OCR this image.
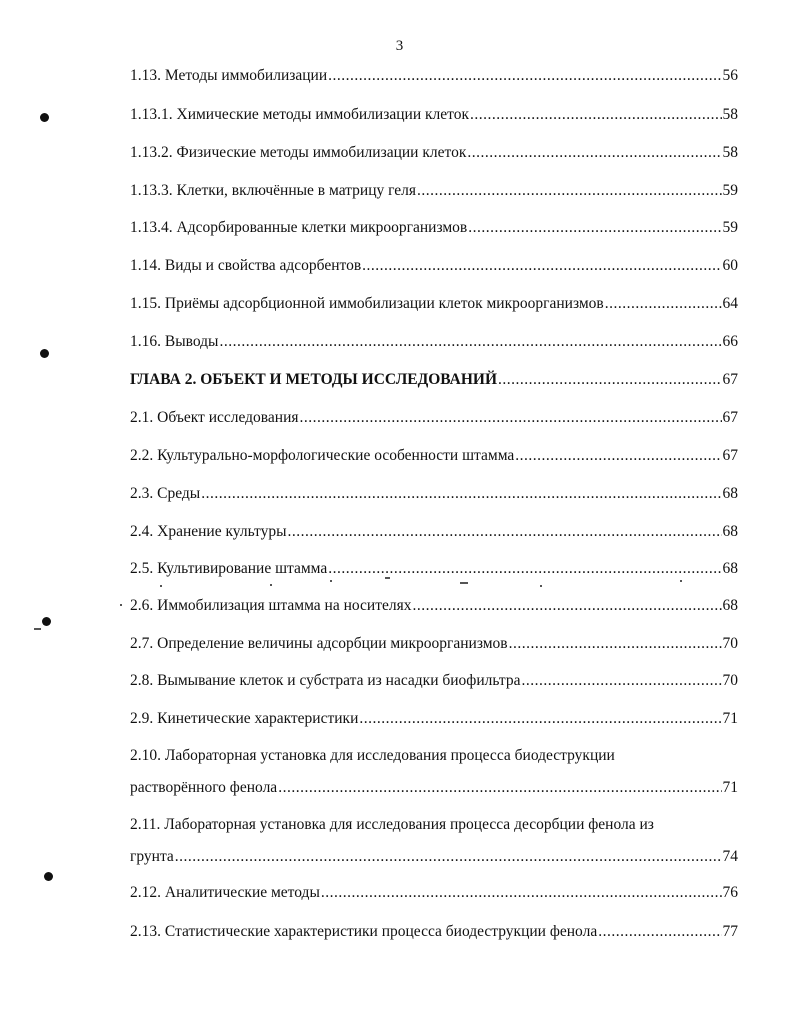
3
1.13. Методы иммобилизации .....	56
1.13.1. Химические методы иммобилизации клеток .....	58
1.13.2. Физические методы иммобилизации клеток .....	58
1.13.3. Клетки, включённые в матрицу геля .....	59
1.13.4. Адсорбированные клетки микроорганизмов .....	59
1.14. Виды и свойства адсорбентов .....	60
1.15. Приёмы адсорбционной иммобилизации клеток микроорганизмов .....	64
1.16. Выводы .....	66
ГЛАВА 2. ОБЪЕКТ И МЕТОДЫ ИССЛЕДОВАНИЙ .....	67
2.1. Объект исследования .....	67
2.2. Культурально-морфологические особенности штамма .....	67
2.3. Среды .....	68
2.4. Хранение культуры .....	68
2.5. Культивирование штамма .....	68
2.6. Иммобилизация штамма на носителях .....	68
2.7. Определение величины адсорбции микроорганизмов .....	70
2.8. Вымывание клеток и субстрата из насадки биофильтра .....	70
2.9. Кинетические характеристики .....	71
2.10. Лабораторная установка для исследования процесса биодеструкции
растворённого фенола .....	71
2.11. Лабораторная установка для исследования процесса десорбции фенола из
грунта .....	74
2.12. Аналитические методы .....	76
2.13. Статистические характеристики процесса биодеструкции фенола .....	77
